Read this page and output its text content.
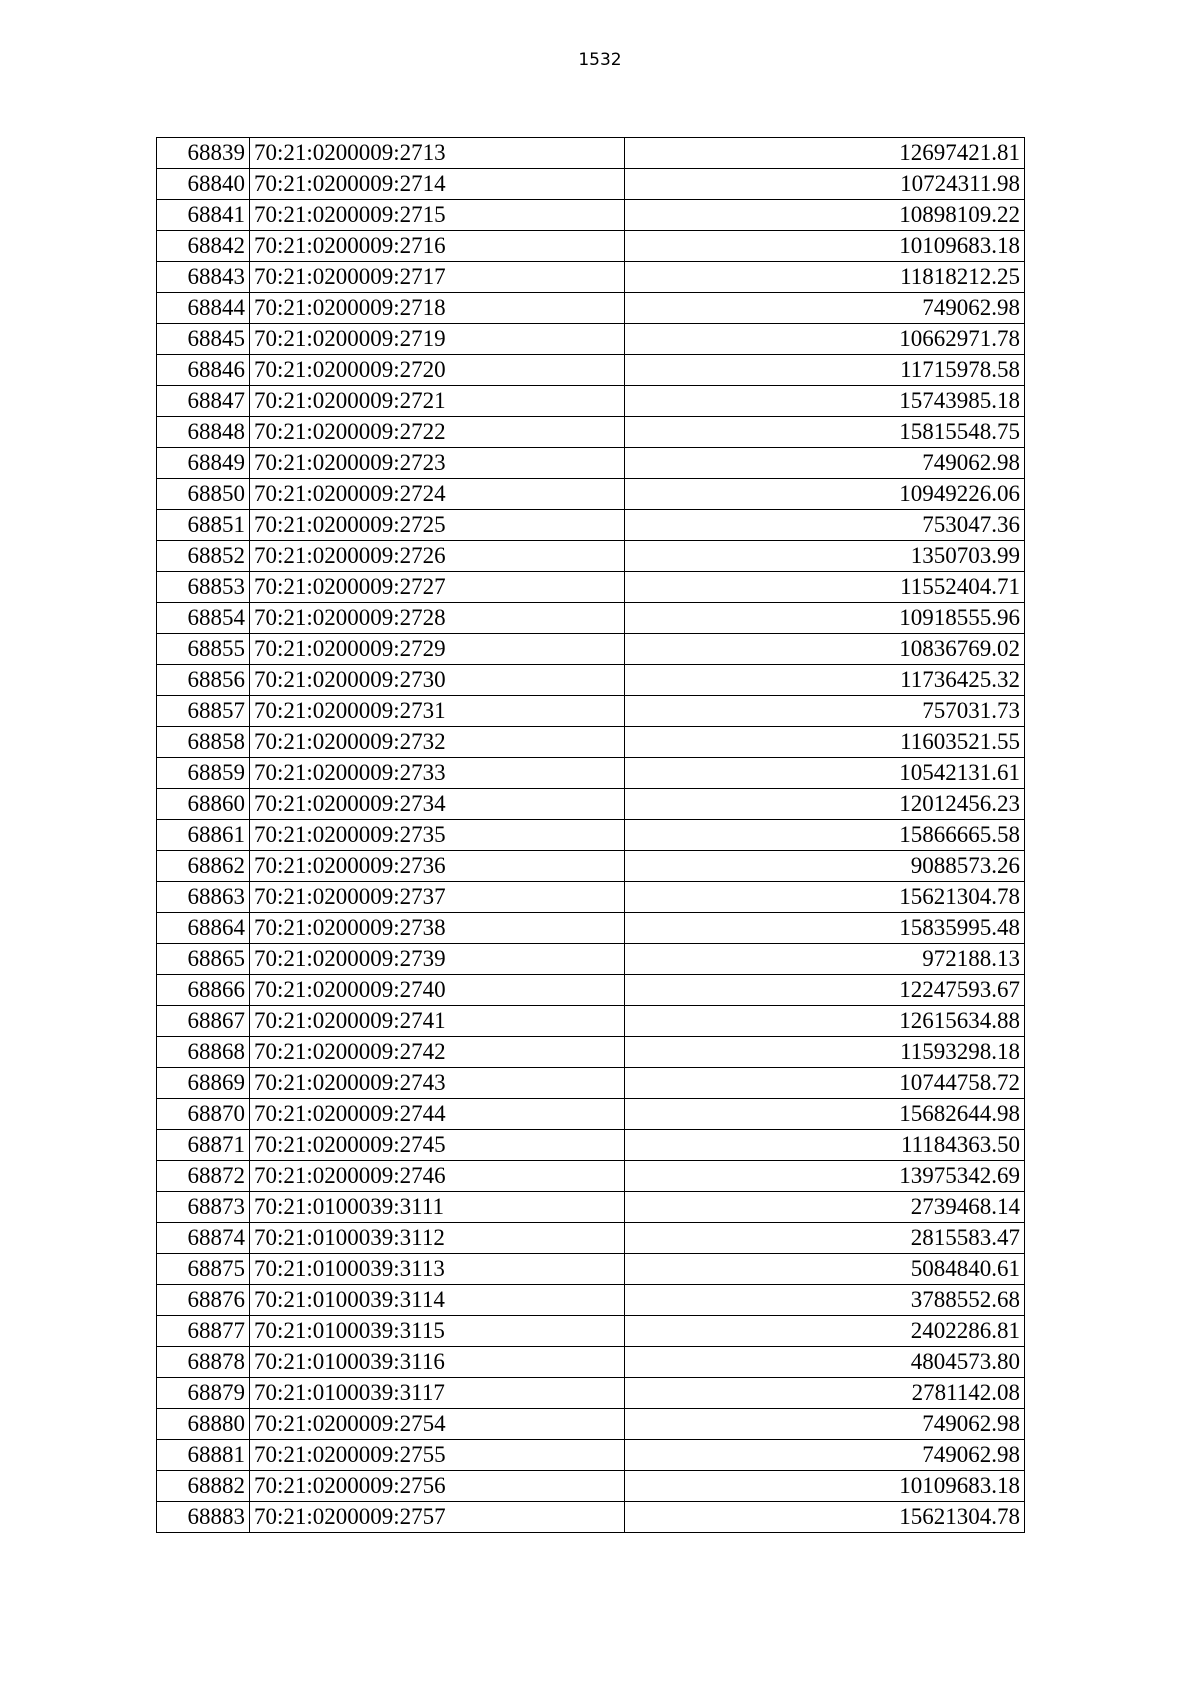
1532
68839	70:21:0200009:2713	12697421.81
68840	70:21:0200009:2714	10724311.98
68841	70:21:0200009:2715	10898109.22
68842	70:21:0200009:2716	10109683.18
68843	70:21:0200009:2717	11818212.25
68844	70:21:0200009:2718	749062.98
68845	70:21:0200009:2719	10662971.78
68846	70:21:0200009:2720	11715978.58
68847	70:21:0200009:2721	15743985.18
68848	70:21:0200009:2722	15815548.75
68849	70:21:0200009:2723	749062.98
68850	70:21:0200009:2724	10949226.06
68851	70:21:0200009:2725	753047.36
68852	70:21:0200009:2726	1350703.99
68853	70:21:0200009:2727	11552404.71
68854	70:21:0200009:2728	10918555.96
68855	70:21:0200009:2729	10836769.02
68856	70:21:0200009:2730	11736425.32
68857	70:21:0200009:2731	757031.73
68858	70:21:0200009:2732	11603521.55
68859	70:21:0200009:2733	10542131.61
68860	70:21:0200009:2734	12012456.23
68861	70:21:0200009:2735	15866665.58
68862	70:21:0200009:2736	9088573.26
68863	70:21:0200009:2737	15621304.78
68864	70:21:0200009:2738	15835995.48
68865	70:21:0200009:2739	972188.13
68866	70:21:0200009:2740	12247593.67
68867	70:21:0200009:2741	12615634.88
68868	70:21:0200009:2742	11593298.18
68869	70:21:0200009:2743	10744758.72
68870	70:21:0200009:2744	15682644.98
68871	70:21:0200009:2745	11184363.50
68872	70:21:0200009:2746	13975342.69
68873	70:21:0100039:3111	2739468.14
68874	70:21:0100039:3112	2815583.47
68875	70:21:0100039:3113	5084840.61
68876	70:21:0100039:3114	3788552.68
68877	70:21:0100039:3115	2402286.81
68878	70:21:0100039:3116	4804573.80
68879	70:21:0100039:3117	2781142.08
68880	70:21:0200009:2754	749062.98
68881	70:21:0200009:2755	749062.98
68882	70:21:0200009:2756	10109683.18
68883	70:21:0200009:2757	15621304.78
